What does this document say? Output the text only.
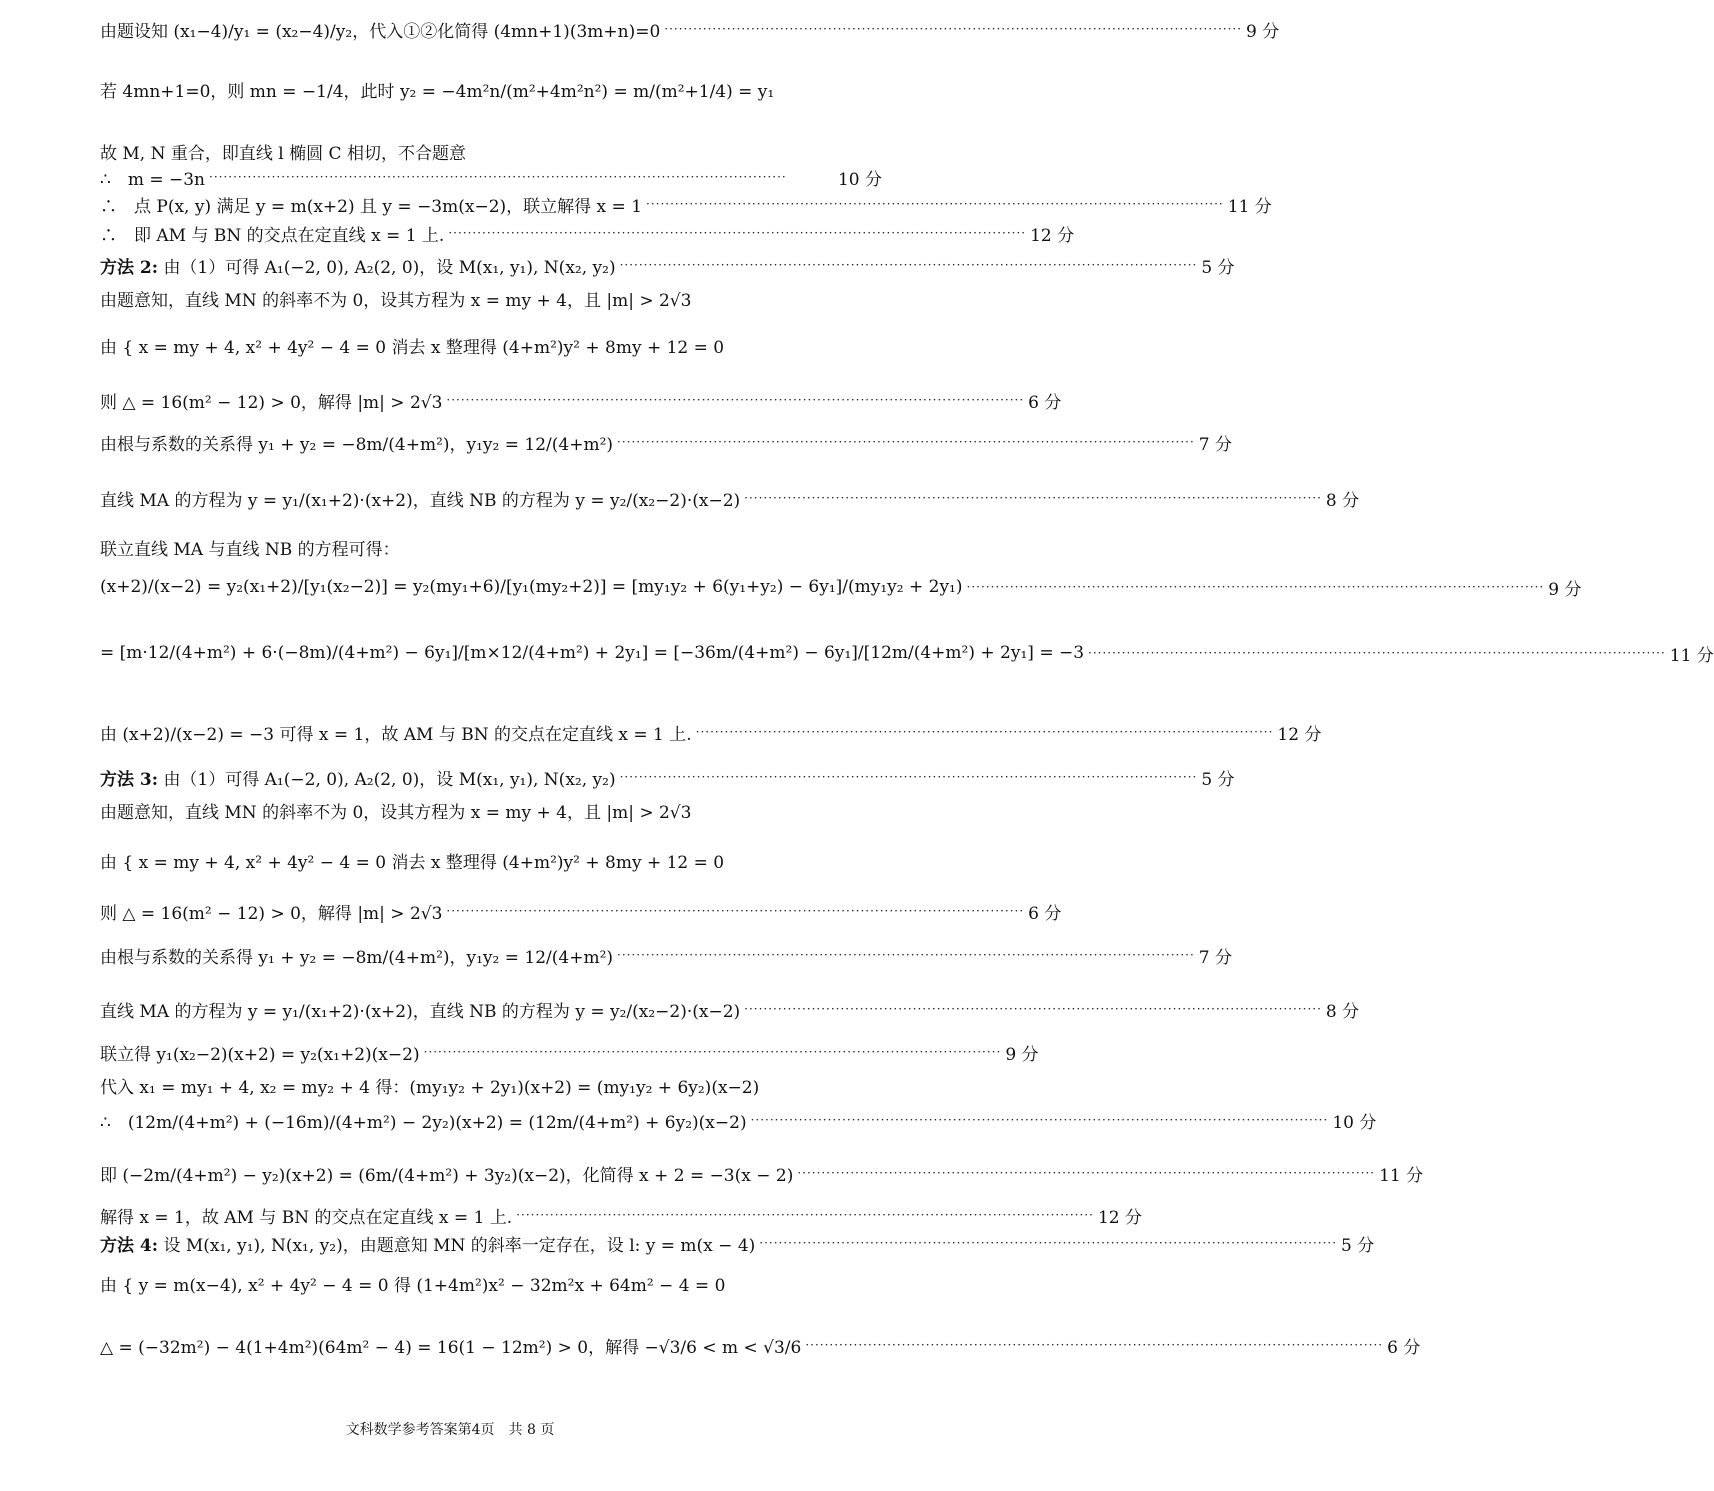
由题设知 (x₁−4)/y₁ = (x₂−4)/y₂，代入①②化简得 (4mn+1)(3m+n)=0 ·····	9 分
若 4mn+1=0，则 mn = −1/4，此时 y₂ = −4m²n/(m²+4m²n²) = m/(m²+1/4) = y₁
故 M, N 重合，即直线 l 椭圆 C 相切，不合题意
∴　m = −3n ·····	10 分
∴　点 P(x, y) 满足 y = m(x+2) 且 y = −3m(x−2)，联立解得 x = 1 ·····	11 分
∴　即 AM 与 BN 的交点在定直线 x = 1 上. ·····	12 分
方法 2: 由（1）可得 A₁(−2, 0), A₂(2, 0)，设 M(x₁, y₁), N(x₂, y₂) ·····	5 分
由题意知，直线 MN 的斜率不为 0，设其方程为 x = my + 4，且 |m| > 2√3
由 { x = my + 4, x² + 4y² − 4 = 0 消去 x 整理得 (4+m²)y² + 8my + 12 = 0
则 △ = 16(m² − 12) > 0，解得 |m| > 2√3 ·····	6 分
由根与系数的关系得 y₁ + y₂ = −8m/(4+m²)，y₁y₂ = 12/(4+m²) ·····	7 分
直线 MA 的方程为 y = y₁/(x₁+2)·(x+2)，直线 NB 的方程为 y = y₂/(x₂−2)·(x−2) ·····	8 分
联立直线 MA 与直线 NB 的方程可得：
(x+2)/(x−2) = y₂(x₁+2)/[y₁(x₂−2)] = y₂(my₁+6)/[y₁(my₂+2)] = [my₁y₂ + 6(y₁+y₂) − 6y₁]/(my₁y₂ + 2y₁) ·····	9 分
= [m·12/(4+m²) + 6·(−8m)/(4+m²) − 6y₁]/[m×12/(4+m²) + 2y₁] = [−36m/(4+m²) − 6y₁]/[12m/(4+m²) + 2y₁] = −3 ·····	11 分
由 (x+2)/(x−2) = −3 可得 x = 1，故 AM 与 BN 的交点在定直线 x = 1 上. ·····	12 分
方法 3: 由（1）可得 A₁(−2, 0), A₂(2, 0)，设 M(x₁, y₁), N(x₂, y₂) ·····	5 分
由题意知，直线 MN 的斜率不为 0，设其方程为 x = my + 4，且 |m| > 2√3
由 { x = my + 4, x² + 4y² − 4 = 0 消去 x 整理得 (4+m²)y² + 8my + 12 = 0
则 △ = 16(m² − 12) > 0，解得 |m| > 2√3 ·····	6 分
由根与系数的关系得 y₁ + y₂ = −8m/(4+m²)，y₁y₂ = 12/(4+m²) ·····	7 分
直线 MA 的方程为 y = y₁/(x₁+2)·(x+2)，直线 NB 的方程为 y = y₂/(x₂−2)·(x−2) ·····	8 分
联立得 y₁(x₂−2)(x+2) = y₂(x₁+2)(x−2) ·····	9 分
代入 x₁ = my₁ + 4, x₂ = my₂ + 4 得：(my₁y₂ + 2y₁)(x+2) = (my₁y₂ + 6y₂)(x−2)
∴　(12m/(4+m²) + (−16m)/(4+m²) − 2y₂)(x+2) = (12m/(4+m²) + 6y₂)(x−2) ·····	10 分
即 (−2m/(4+m²) − y₂)(x+2) = (6m/(4+m²) + 3y₂)(x−2)，化简得 x + 2 = −3(x − 2) ·····	11 分
解得 x = 1，故 AM 与 BN 的交点在定直线 x = 1 上. ·····	12 分
方法 4: 设 M(x₁, y₁), N(x₁, y₂)，由题意知 MN 的斜率一定存在，设 l: y = m(x − 4) ·····	5 分
由 { y = m(x−4), x² + 4y² − 4 = 0 得 (1+4m²)x² − 32m²x + 64m² − 4 = 0
△ = (−32m²) − 4(1+4m²)(64m² − 4) = 16(1 − 12m²) > 0，解得 −√3/6 < m < √3/6 ·····	6 分
文科数学参考答案第4页　共 8 页
